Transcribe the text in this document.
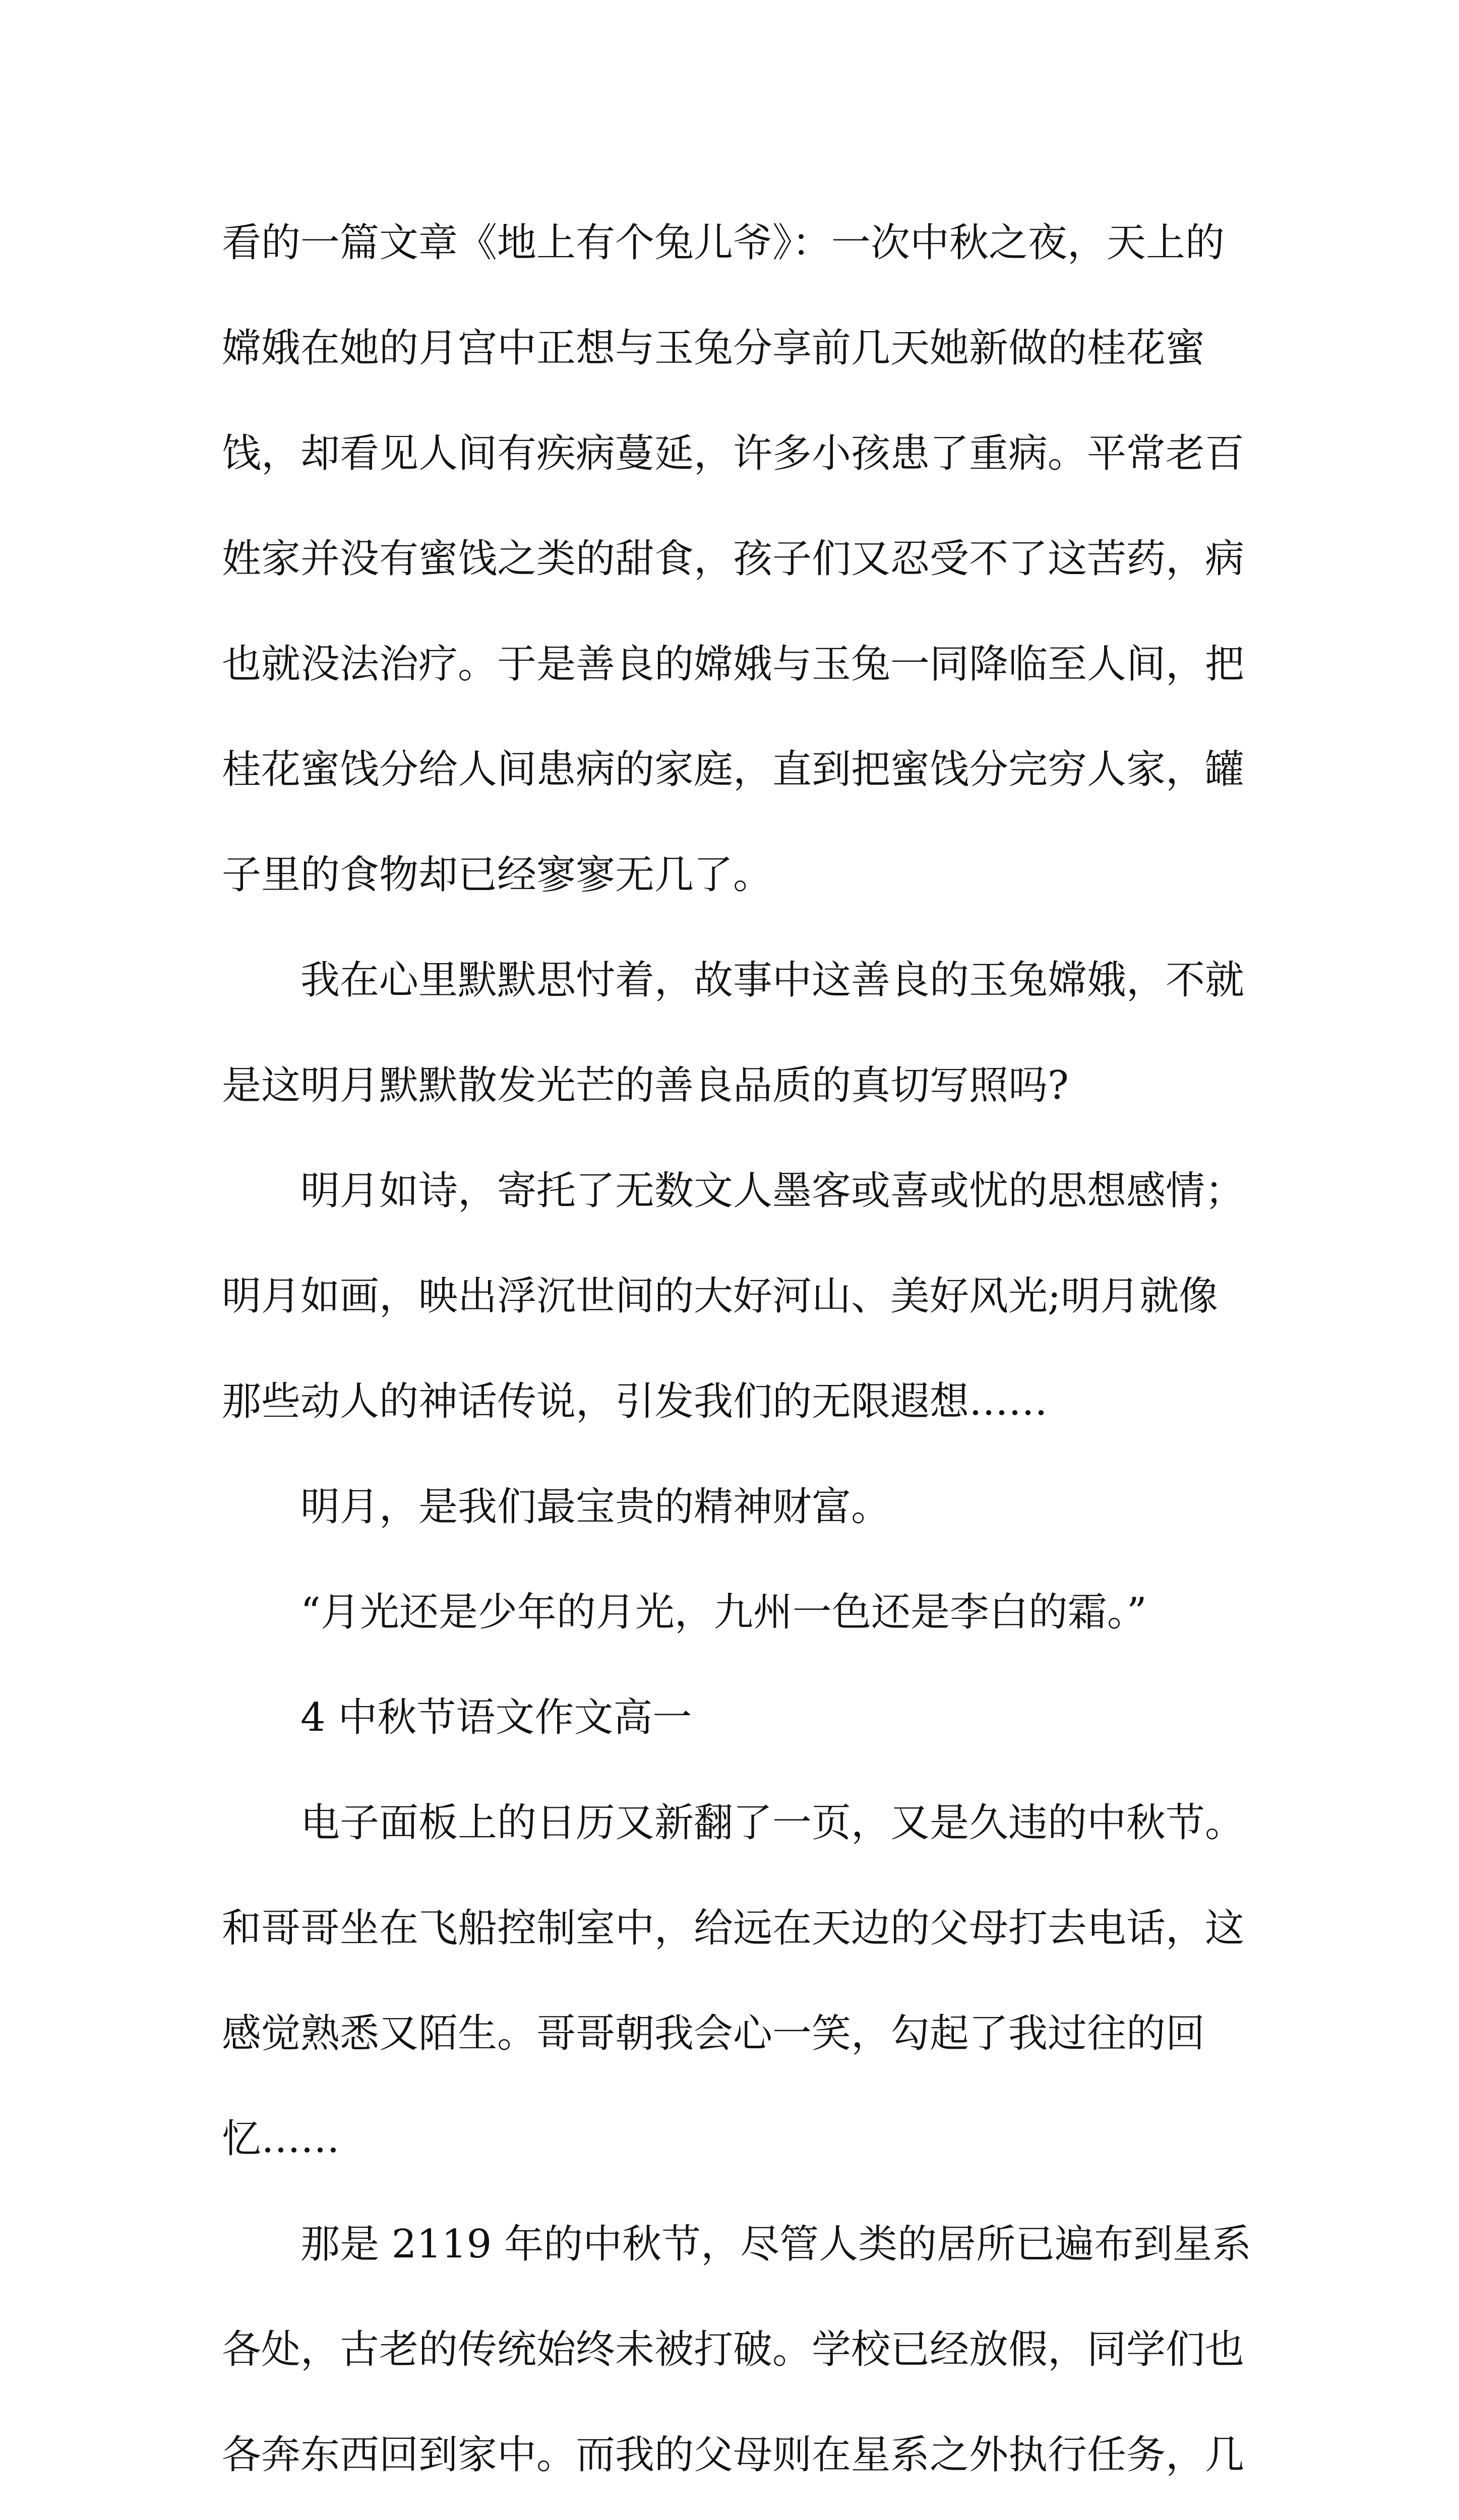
看的一篇文章《地上有个兔儿爷》：一次中秋之夜，天上的
嫦娥在她的月宫中正想与玉兔分享前几天她新做的桂花蜜
饯，却看见人间有疾病蔓延，许多小孩患了重病。平常老百
姓家并没有蜜饯之类的甜食，孩子们又忍受不了这苦药，病
也就没法治疗。于是善良的嫦娥与玉兔一同降临至人间，把
桂花蜜饯分给人间患病的家庭，直到把蜜饯分完穷人家，罐
子里的食物却已经寥寥无几了。
我在心里默默思忖着，故事中这善良的玉兔嫦娥，不就
是这明月默默散发光芒的善良品质的真切写照吗?
明月如诗，寄托了无数文人墨客或喜或忧的思想感情；
明月如画，映出浮沉世间的大好河山、美好风光;明月就像
那些动人的神话传说，引发我们的无限遐想……
明月，是我们最宝贵的精神财富。
“月光还是少年的月光，九州一色还是李白的霜。”
4 中秋节语文作文高一
电子面板上的日历又新翻了一页，又是久违的中秋节。
和哥哥坐在飞船控制室中，给远在天边的父母打去电话，这
感觉熟悉又陌生。哥哥朝我会心一笑，勾起了我过往的回
忆……
那是 2119 年的中秋节，尽管人类的居所已遍布到星系
各处，古老的传统始终未被打破。学校已经放假，同学们也
各奔东西回到家中。而我的父母则在星系之外执行任务，几
